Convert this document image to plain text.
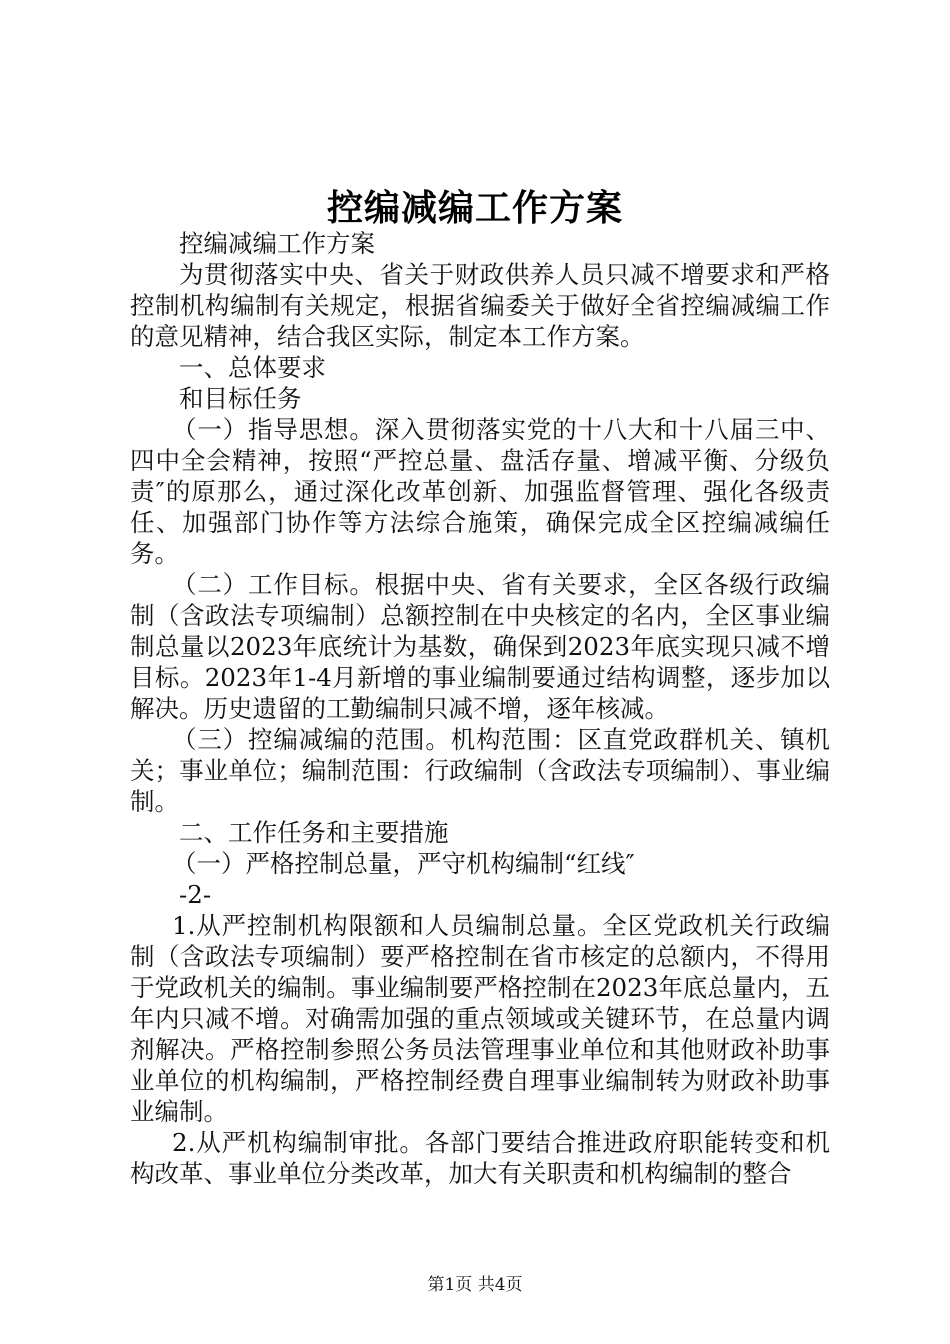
控编减编工作方案

控编减编工作方案

为贯彻落实中央、省关于财政供养人员只减不增要求和严格控制机构编制有关规定，根据省编委关于做好全省控编减编工作的意见精神，结合我区实际，制定本工作方案。

一、总体要求

和目标任务

（一）指导思想。深入贯彻落实党的十八大和十八届三中、四中全会精神，按照“严控总量、盘活存量、增减平衡、分级负责″的原那么，通过深化改革创新、加强监督管理、强化各级责任、加强部门协作等方法综合施策，确保完成全区控编减编任务。

（二）工作目标。根据中央、省有关要求，全区各级行政编制（含政法专项编制）总额控制在中央核定的名内，全区事业编制总量以2023年底统计为基数，确保到2023年底实现只减不增目标。2023年1-4月新增的事业编制要通过结构调整，逐步加以解决。历史遗留的工勤编制只减不增，逐年核减。

（三）控编减编的范围。机构范围：区直党政群机关、镇机关；事业单位；编制范围：行政编制（含政法专项编制）、事业编制。

二、工作任务和主要措施

（一）严格控制总量，严守机构编制“红线″

-2-

1.从严控制机构限额和人员编制总量。全区党政机关行政编制（含政法专项编制）要严格控制在省市核定的总额内，不得用于党政机关的编制。事业编制要严格控制在2023年底总量内，五年内只减不增。对确需加强的重点领域或关键环节，在总量内调剂解决。严格控制参照公务员法管理事业单位和其他财政补助事业单位的机构编制，严格控制经费自理事业编制转为财政补助事业编制。

2.从严机构编制审批。各部门要结合推进政府职能转变和机构改革、事业单位分类改革，加大有关职责和机构编制的整合

第1页 共4页
